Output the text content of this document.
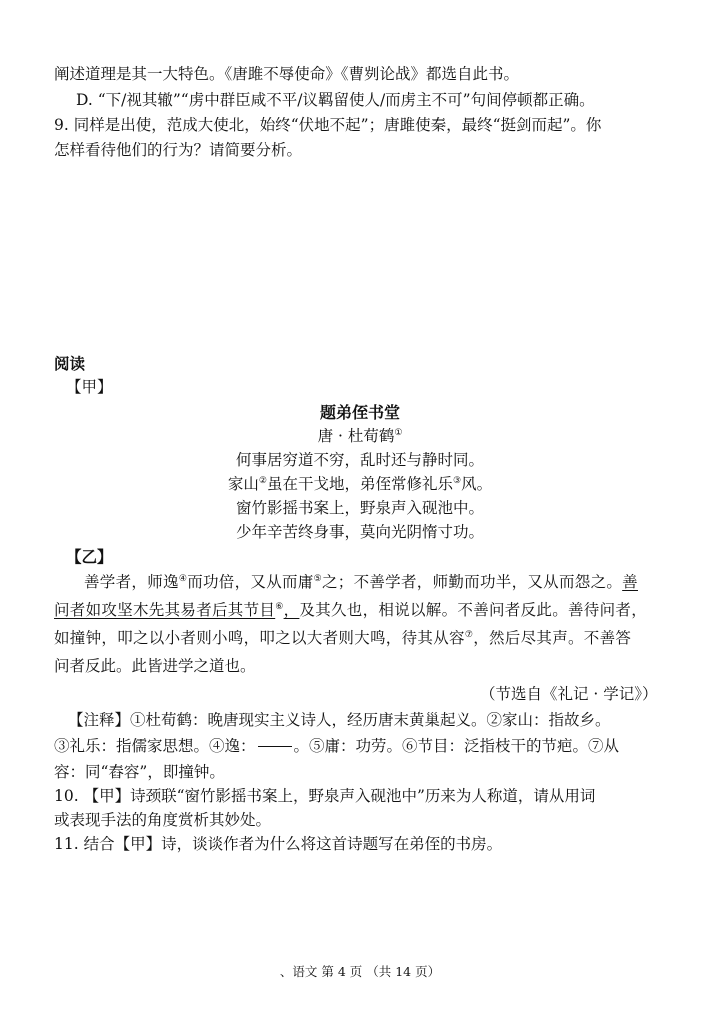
阐述道理是其一大特色。《唐雎不辱使命》《曹刿论战》都选自此书。
D. “下/视其辙”“虏中群臣咸不平/议羁留使人/而虏主不可”句间停顿都正确。
9. 同样是出使，范成大使北，始终“伏地不起”；唐雎使秦，最终“挺剑而起”。你
怎样看待他们的行为？请简要分析。
阅读
【甲】
题弟侄书堂
唐 · 杜荀鹤①
何事居穷道不穷，乱时还与静时同。
家山②虽在干戈地，弟侄常修礼乐③风。
窗竹影摇书案上，野泉声入砚池中。
少年辛苦终身事，莫向光阴惰寸功。
【乙】
善学者，师逸④而功倍，又从而庸⑤之；不善学者，师勤而功半，又从而怨之。善
问者如攻坚木先其易者后其节目⑥，及其久也，相说以解。不善问者反此。善待问者，
如撞钟，叩之以小者则小鸣，叩之以大者则大鸣，待其从容⑦，然后尽其声。不善答
问者反此。此皆进学之道也。
（节选自《礼记 · 学记》）
【注释】①杜荀鹤：晚唐现实主义诗人，经历唐末黄巢起义。②家山：指故乡。
③礼乐：指儒家思想。④逸： 。⑤庸：功劳。⑥节目：泛指枝干的节疤。⑦从
容：同“舂容”，即撞钟。
10. 【甲】诗颈联“窗竹影摇书案上，野泉声入砚池中”历来为人称道，请从用词
或表现手法的角度赏析其妙处。
11. 结合【甲】诗，谈谈作者为什么将这首诗题写在弟侄的书房。
、语文 第 4 页 （共 14 页）
